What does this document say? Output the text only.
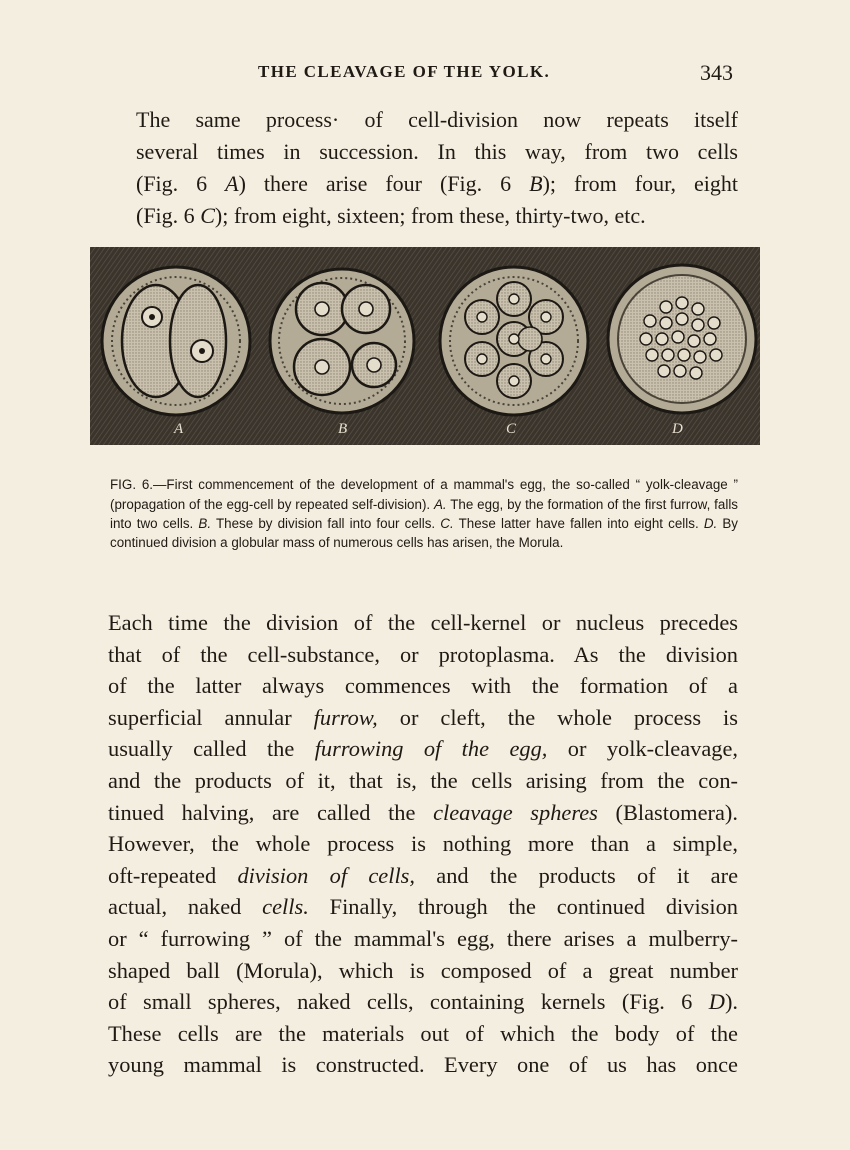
THE CLEAVAGE OF THE YOLK.	343

The same process· of cell-division now repeats itself
several times in succession. In this way, from two cells
(Fig. 6 A) there arise four (Fig. 6 B); from four, eight
(Fig. 6 C); from eight, sixteen; from these, thirty-two, etc.

A	B	C	D

FIG. 6.—First commencement of the development of a mammal's egg, the so-called “ yolk-cleavage ” (propagation of the egg-cell by repeated self-division). A. The egg, by the formation of the first furrow, falls into two cells. B. These by division fall into four cells. C. These latter have fallen into eight cells. D. By continued division a globular mass of numerous cells has arisen, the Morula.

Each time the division of the cell-kernel or nucleus precedes
that of the cell-substance, or protoplasma. As the division
of the latter always commences with the formation of a
superficial annular furrow, or cleft, the whole process is
usually called the furrowing of the egg, or yolk-cleavage,
and the products of it, that is, the cells arising from the con-
tinued halving, are called the cleavage spheres (Blastomera).
However, the whole process is nothing more than a simple,
oft-repeated division of cells, and the products of it are
actual, naked cells. Finally, through the continued division
or “ furrowing ” of the mammal's egg, there arises a mulberry-
shaped ball (Morula), which is composed of a great number
of small spheres, naked cells, containing kernels (Fig. 6 D).
These cells are the materials out of which the body of the
young mammal is constructed. Every one of us has once
